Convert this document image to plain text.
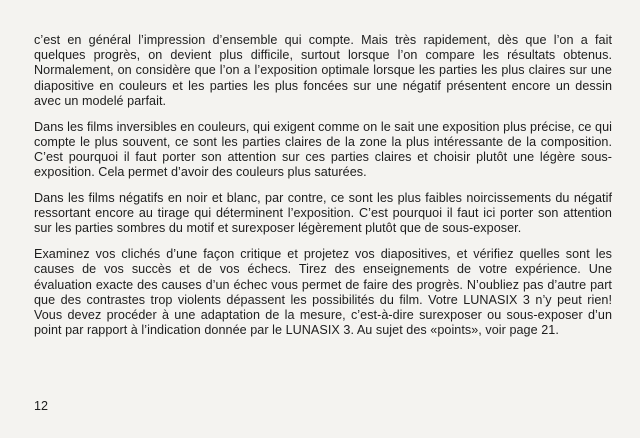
c’est en général l’impression d’ensemble qui compte. Mais très rapidement, dès que l’on a fait quelques progrès, on devient plus difficile, surtout lorsque l’on compare les résultats obtenus. Normalement, on considère que l’on a l’exposition optimale lorsque les parties les plus claires sur une diapositive en couleurs et les parties les plus foncées sur une négatif présentent encore un dessin avec un modelé parfait.

Dans les films inversibles en couleurs, qui exigent comme on le sait une exposition plus précise, ce qui compte le plus souvent, ce sont les parties claires de la zone la plus intéressante de la composition. C’est pourquoi il faut porter son attention sur ces parties claires et choisir plutôt une légère sous-exposition. Cela permet d’avoir des couleurs plus saturées.

Dans les films négatifs en noir et blanc, par contre, ce sont les plus faibles noircissements du négatif ressortant encore au tirage qui déterminent l’exposition. C’est pourquoi il faut ici porter son attention sur les parties sombres du motif et surexposer légèrement plutôt que de sous-exposer.

Examinez vos clichés d’une façon critique et projetez vos diapositives, et vérifiez quelles sont les causes de vos succès et de vos échecs. Tirez des enseignements de votre expérience. Une évaluation exacte des causes d’un échec vous permet de faire des progrès. N’oubliez pas d’autre part que des contrastes trop violents dépassent les possibilités du film. Votre LUNASIX 3 n’y peut rien! Vous devez procéder à une adaptation de la mesure, c’est-à-dire surexposer ou sous-exposer d’un point par rapport à l’indication donnée par le LUNASIX 3. Au sujet des «points», voir page 21.

12
